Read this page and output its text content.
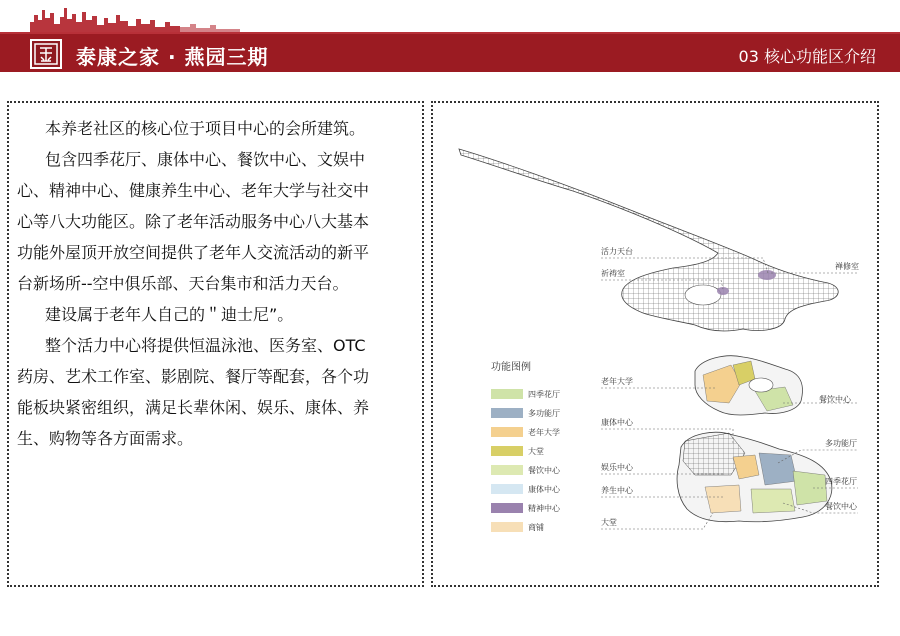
泰康之家 · 燕园三期	03 核心功能区介绍
本养老社区的核心位于项目中心的会所建筑。
包含四季花厅、康体中心、餐饮中心、文娱中
心、精神中心、健康养生中心、老年大学与社交中
心等八大功能区。除了老年活动服务中心八大基本
功能外屋顶开放空间提供了老年人交流活动的新平
台新场所--空中俱乐部、天台集市和活力天台。
建设属于老年人自己的＂迪士尼”。
整个活力中心将提供恒温泳池、医务室、OTC
药房、艺术工作室、影剧院、餐厅等配套，各个功
能板块紧密组织，满足长辈休闲、娱乐、康体、养
生、购物等各方面需求。
活力天台
祈祷室
禅修室
老年大学
餐饮中心
康体中心
多功能厅
娱乐中心
四季花厅
养生中心
餐饮中心
大堂
功能图例
四季花厅
多功能厅
老年大学
大堂
餐饮中心
康体中心
精神中心
商铺
